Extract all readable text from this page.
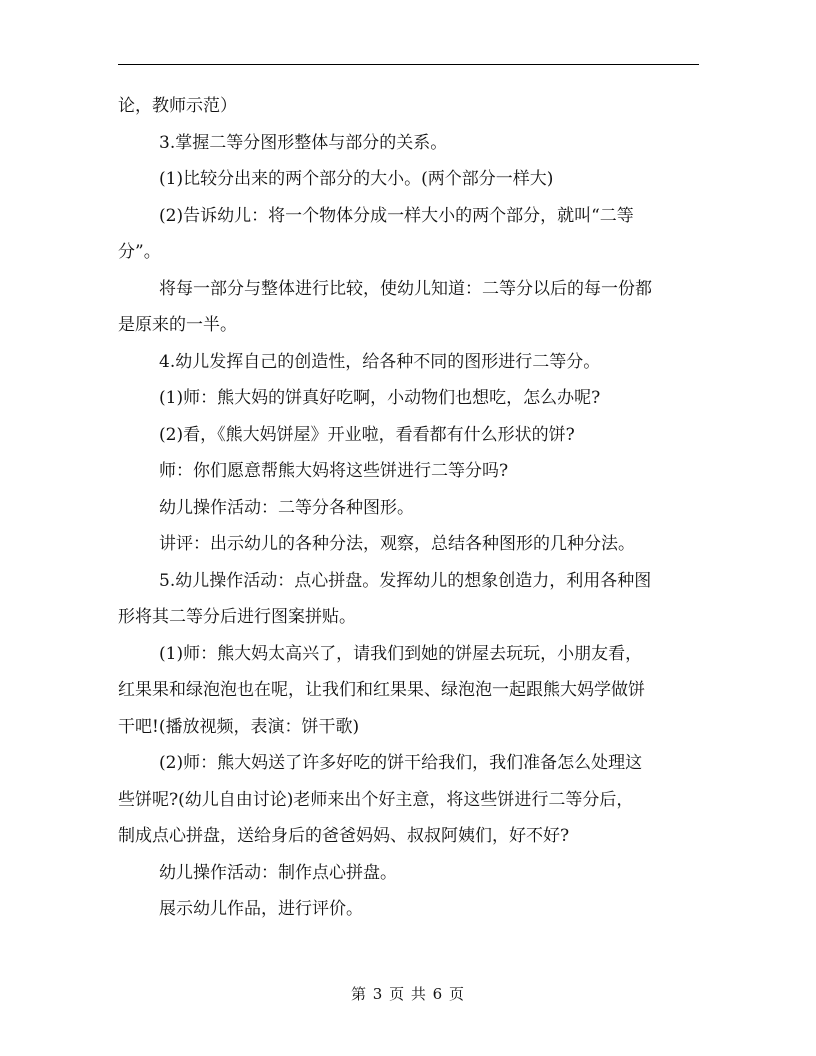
论，教师示范）
3.掌握二等分图形整体与部分的关系。
(1)比较分出来的两个部分的大小。(两个部分一样大)
(2)告诉幼儿：将一个物体分成一样大小的两个部分，就叫“二等
分”。
将每一部分与整体进行比较，使幼儿知道：二等分以后的每一份都
是原来的一半。
4.幼儿发挥自己的创造性，给各种不同的图形进行二等分。
(1)师：熊大妈的饼真好吃啊，小动物们也想吃，怎么办呢?
(2)看，《熊大妈饼屋》开业啦，看看都有什么形状的饼?
师：你们愿意帮熊大妈将这些饼进行二等分吗?
幼儿操作活动：二等分各种图形。
讲评：出示幼儿的各种分法，观察，总结各种图形的几种分法。
5.幼儿操作活动：点心拼盘。发挥幼儿的想象创造力，利用各种图
形将其二等分后进行图案拼贴。
(1)师：熊大妈太高兴了，请我们到她的饼屋去玩玩，小朋友看，
红果果和绿泡泡也在呢，让我们和红果果、绿泡泡一起跟熊大妈学做饼
干吧!(播放视频，表演：饼干歌)
(2)师：熊大妈送了许多好吃的饼干给我们，我们准备怎么处理这
些饼呢?(幼儿自由讨论)老师来出个好主意，将这些饼进行二等分后，
制成点心拼盘，送给身后的爸爸妈妈、叔叔阿姨们，好不好?
幼儿操作活动：制作点心拼盘。
展示幼儿作品，进行评价。
第 3 页 共 6 页
